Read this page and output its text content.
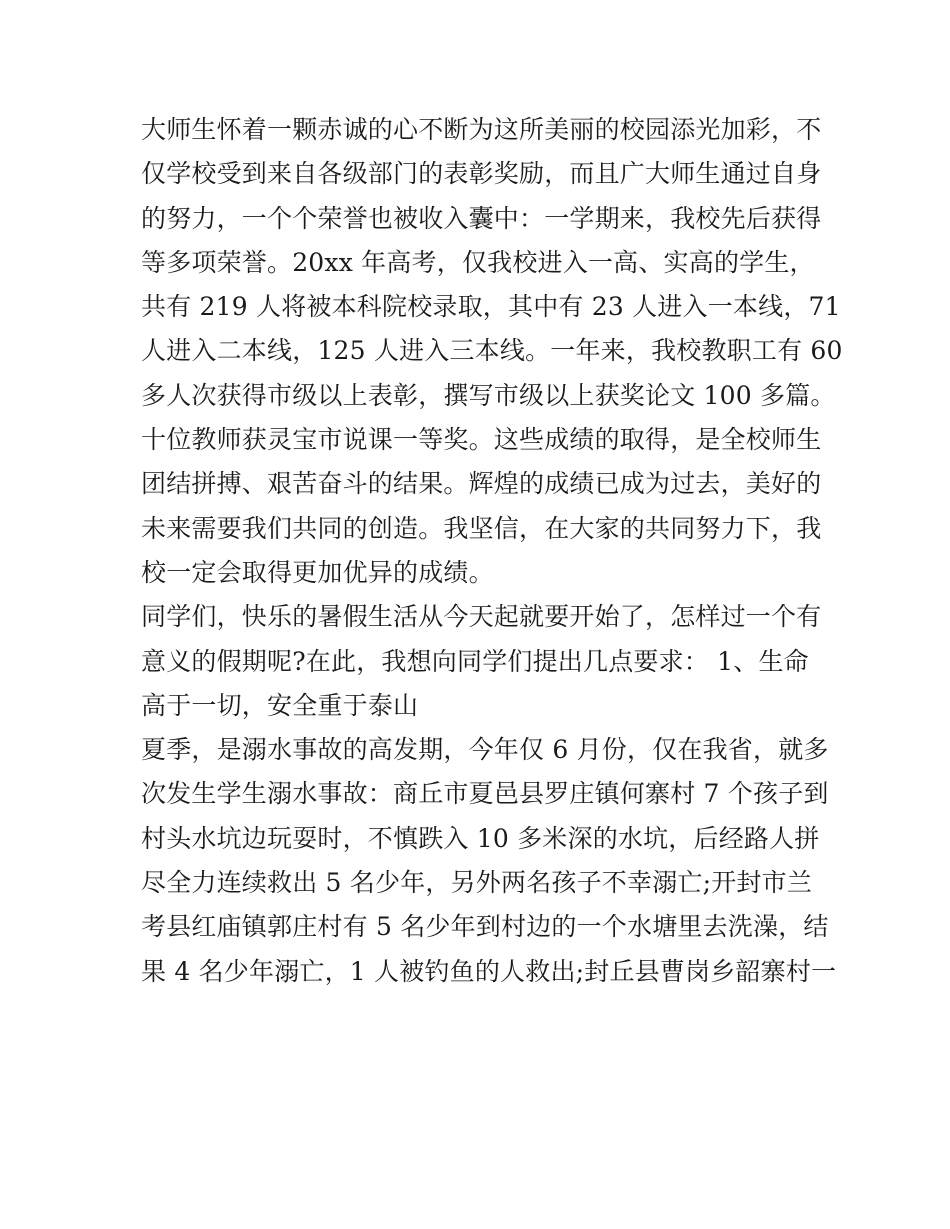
大师生怀着一颗赤诚的心不断为这所美丽的校园添光加彩，不
仅学校受到来自各级部门的表彰奖励，而且广大师生通过自身
的努力，一个个荣誉也被收入囊中：一学期来，我校先后获得
等多项荣誉。20xx 年高考，仅我校进入一高、实高的学生，
共有 219 人将被本科院校录取，其中有 23 人进入一本线，71
人进入二本线，125 人进入三本线。一年来，我校教职工有 60
多人次获得市级以上表彰，撰写市级以上获奖论文 100 多篇。
十位教师获灵宝市说课一等奖。这些成绩的取得，是全校师生
团结拼搏、艰苦奋斗的结果。辉煌的成绩已成为过去，美好的
未来需要我们共同的创造。我坚信，在大家的共同努力下，我
校一定会取得更加优异的成绩。
同学们，快乐的暑假生活从今天起就要开始了，怎样过一个有
意义的假期呢?在此，我想向同学们提出几点要求： 1、生命
高于一切，安全重于泰山
夏季，是溺水事故的高发期，今年仅 6 月份，仅在我省，就多
次发生学生溺水事故：商丘市夏邑县罗庄镇何寨村 7 个孩子到
村头水坑边玩耍时，不慎跌入 10 多米深的水坑，后经路人拼
尽全力连续救出 5 名少年，另外两名孩子不幸溺亡;开封市兰
考县红庙镇郭庄村有 5 名少年到村边的一个水塘里去洗澡，结
果 4 名少年溺亡，1 人被钓鱼的人救出;封丘县曹岗乡韶寨村一
